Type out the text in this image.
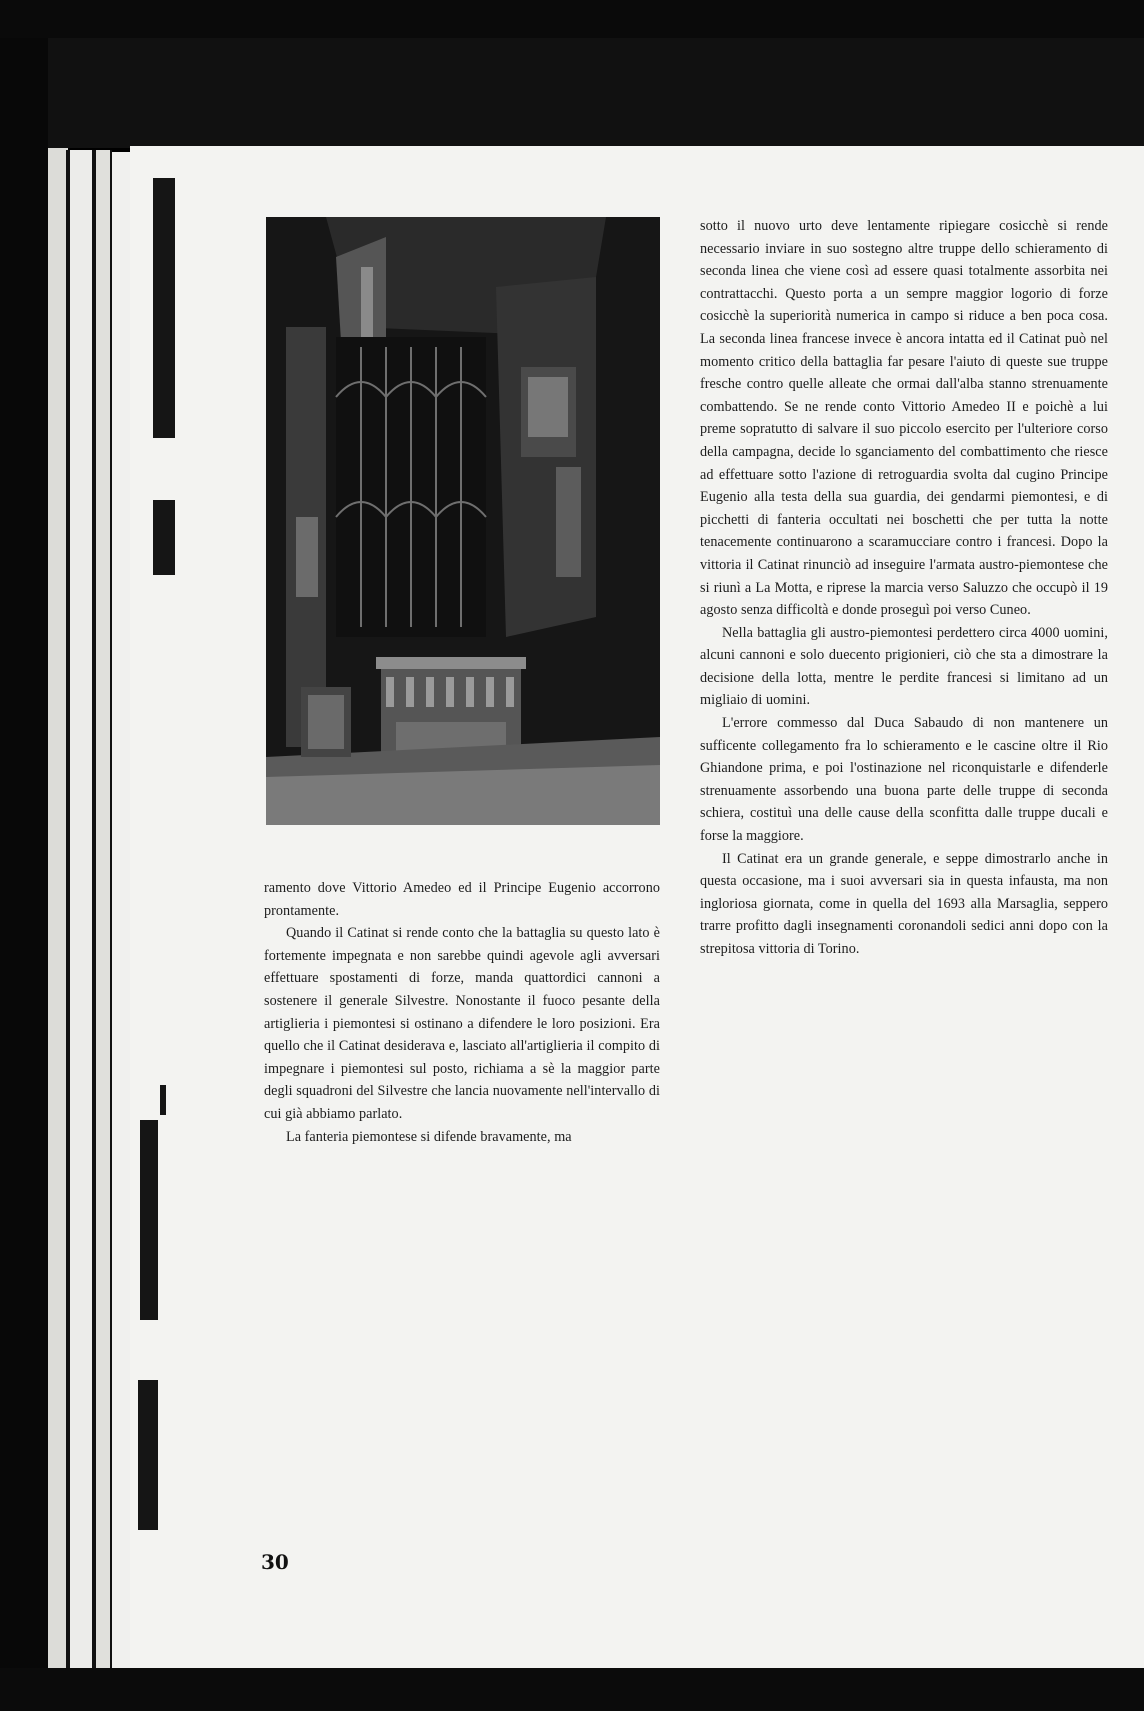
ramento dove Vittorio Amedeo ed il Principe Eugenio accorrono prontamente.

Quando il Catinat si rende conto che la battaglia su questo lato è fortemente impegnata e non sarebbe quindi agevole agli avversari effettuare spostamenti di forze, manda quattordici cannoni a sostenere il generale Silvestre. Nonostante il fuoco pesante della artiglieria i piemontesi si ostinano a difendere le loro posizioni. Era quello che il Catinat desiderava e, lasciato all'artiglieria il compito di impegnare i piemontesi sul posto, richiama a sè la maggior parte degli squadroni del Silvestre che lancia nuovamente nell'intervallo di cui già abbiamo parlato.

La fanteria piemontese si difende bravamente, ma

sotto il nuovo urto deve lentamente ripiegare cosicchè si rende necessario inviare in suo sostegno altre truppe dello schieramento di seconda linea che viene così ad essere quasi totalmente assorbita nei contrattacchi. Questo porta a un sempre maggior logorio di forze cosicchè la superiorità numerica in campo si riduce a ben poca cosa. La seconda linea francese invece è ancora intatta ed il Catinat può nel momento critico della battaglia far pesare l'aiuto di queste sue truppe fresche contro quelle alleate che ormai dall'alba stanno strenuamente combattendo. Se ne rende conto Vittorio Amedeo II e poichè a lui preme sopratutto di salvare il suo piccolo esercito per l'ulteriore corso della campagna, decide lo sganciamento del combattimento che riesce ad effettuare sotto l'azione di retroguardia svolta dal cugino Principe Eugenio alla testa della sua guardia, dei gendarmi piemontesi, e di picchetti di fanteria occultati nei boschetti che per tutta la notte tenacemente continuarono a scaramucciare contro i francesi. Dopo la vittoria il Catinat rinunciò ad inseguire l'armata austro-piemontese che si riunì a La Motta, e riprese la marcia verso Saluzzo che occupò il 19 agosto senza difficoltà e donde proseguì poi verso Cuneo.

Nella battaglia gli austro-piemontesi perdettero circa 4000 uomini, alcuni cannoni e solo duecento prigionieri, ciò che sta a dimostrare la decisione della lotta, mentre le perdite francesi si limitano ad un migliaio di uomini.

L'errore commesso dal Duca Sabaudo di non mantenere un sufficente collegamento fra lo schieramento e le cascine oltre il Rio Ghiandone prima, e poi l'ostinazione nel riconquistarle e difenderle strenuamente assorbendo una buona parte delle truppe di seconda schiera, costituì una delle cause della sconfitta dalle truppe ducali e forse la maggiore.

Il Catinat era un grande generale, e seppe dimostrarlo anche in questa occasione, ma i suoi avversari sia in questa infausta, ma non ingloriosa giornata, come in quella del 1693 alla Marsaglia, seppero trarre profitto dagli insegnamenti coronandoli sedici anni dopo con la strepitosa vittoria di Torino.

30
